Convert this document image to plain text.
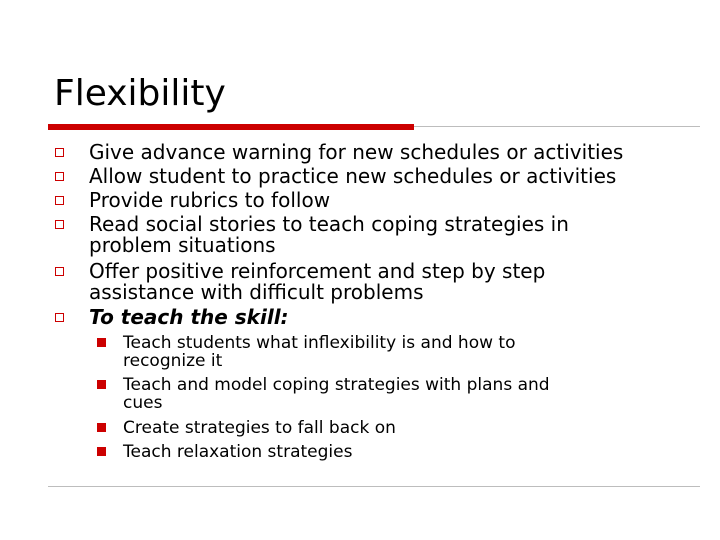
Flexibility
Give advance warning for new schedules or activities
Allow student to practice new schedules or activities
Provide rubrics to follow
Read social stories to teach coping strategies in
problem situations
Offer positive reinforcement and step by step
assistance with difficult problems
To teach the skill:
Teach students what inflexibility is and how to
recognize it
Teach and model coping strategies with plans and
cues
Create strategies to fall back on
Teach relaxation strategies
